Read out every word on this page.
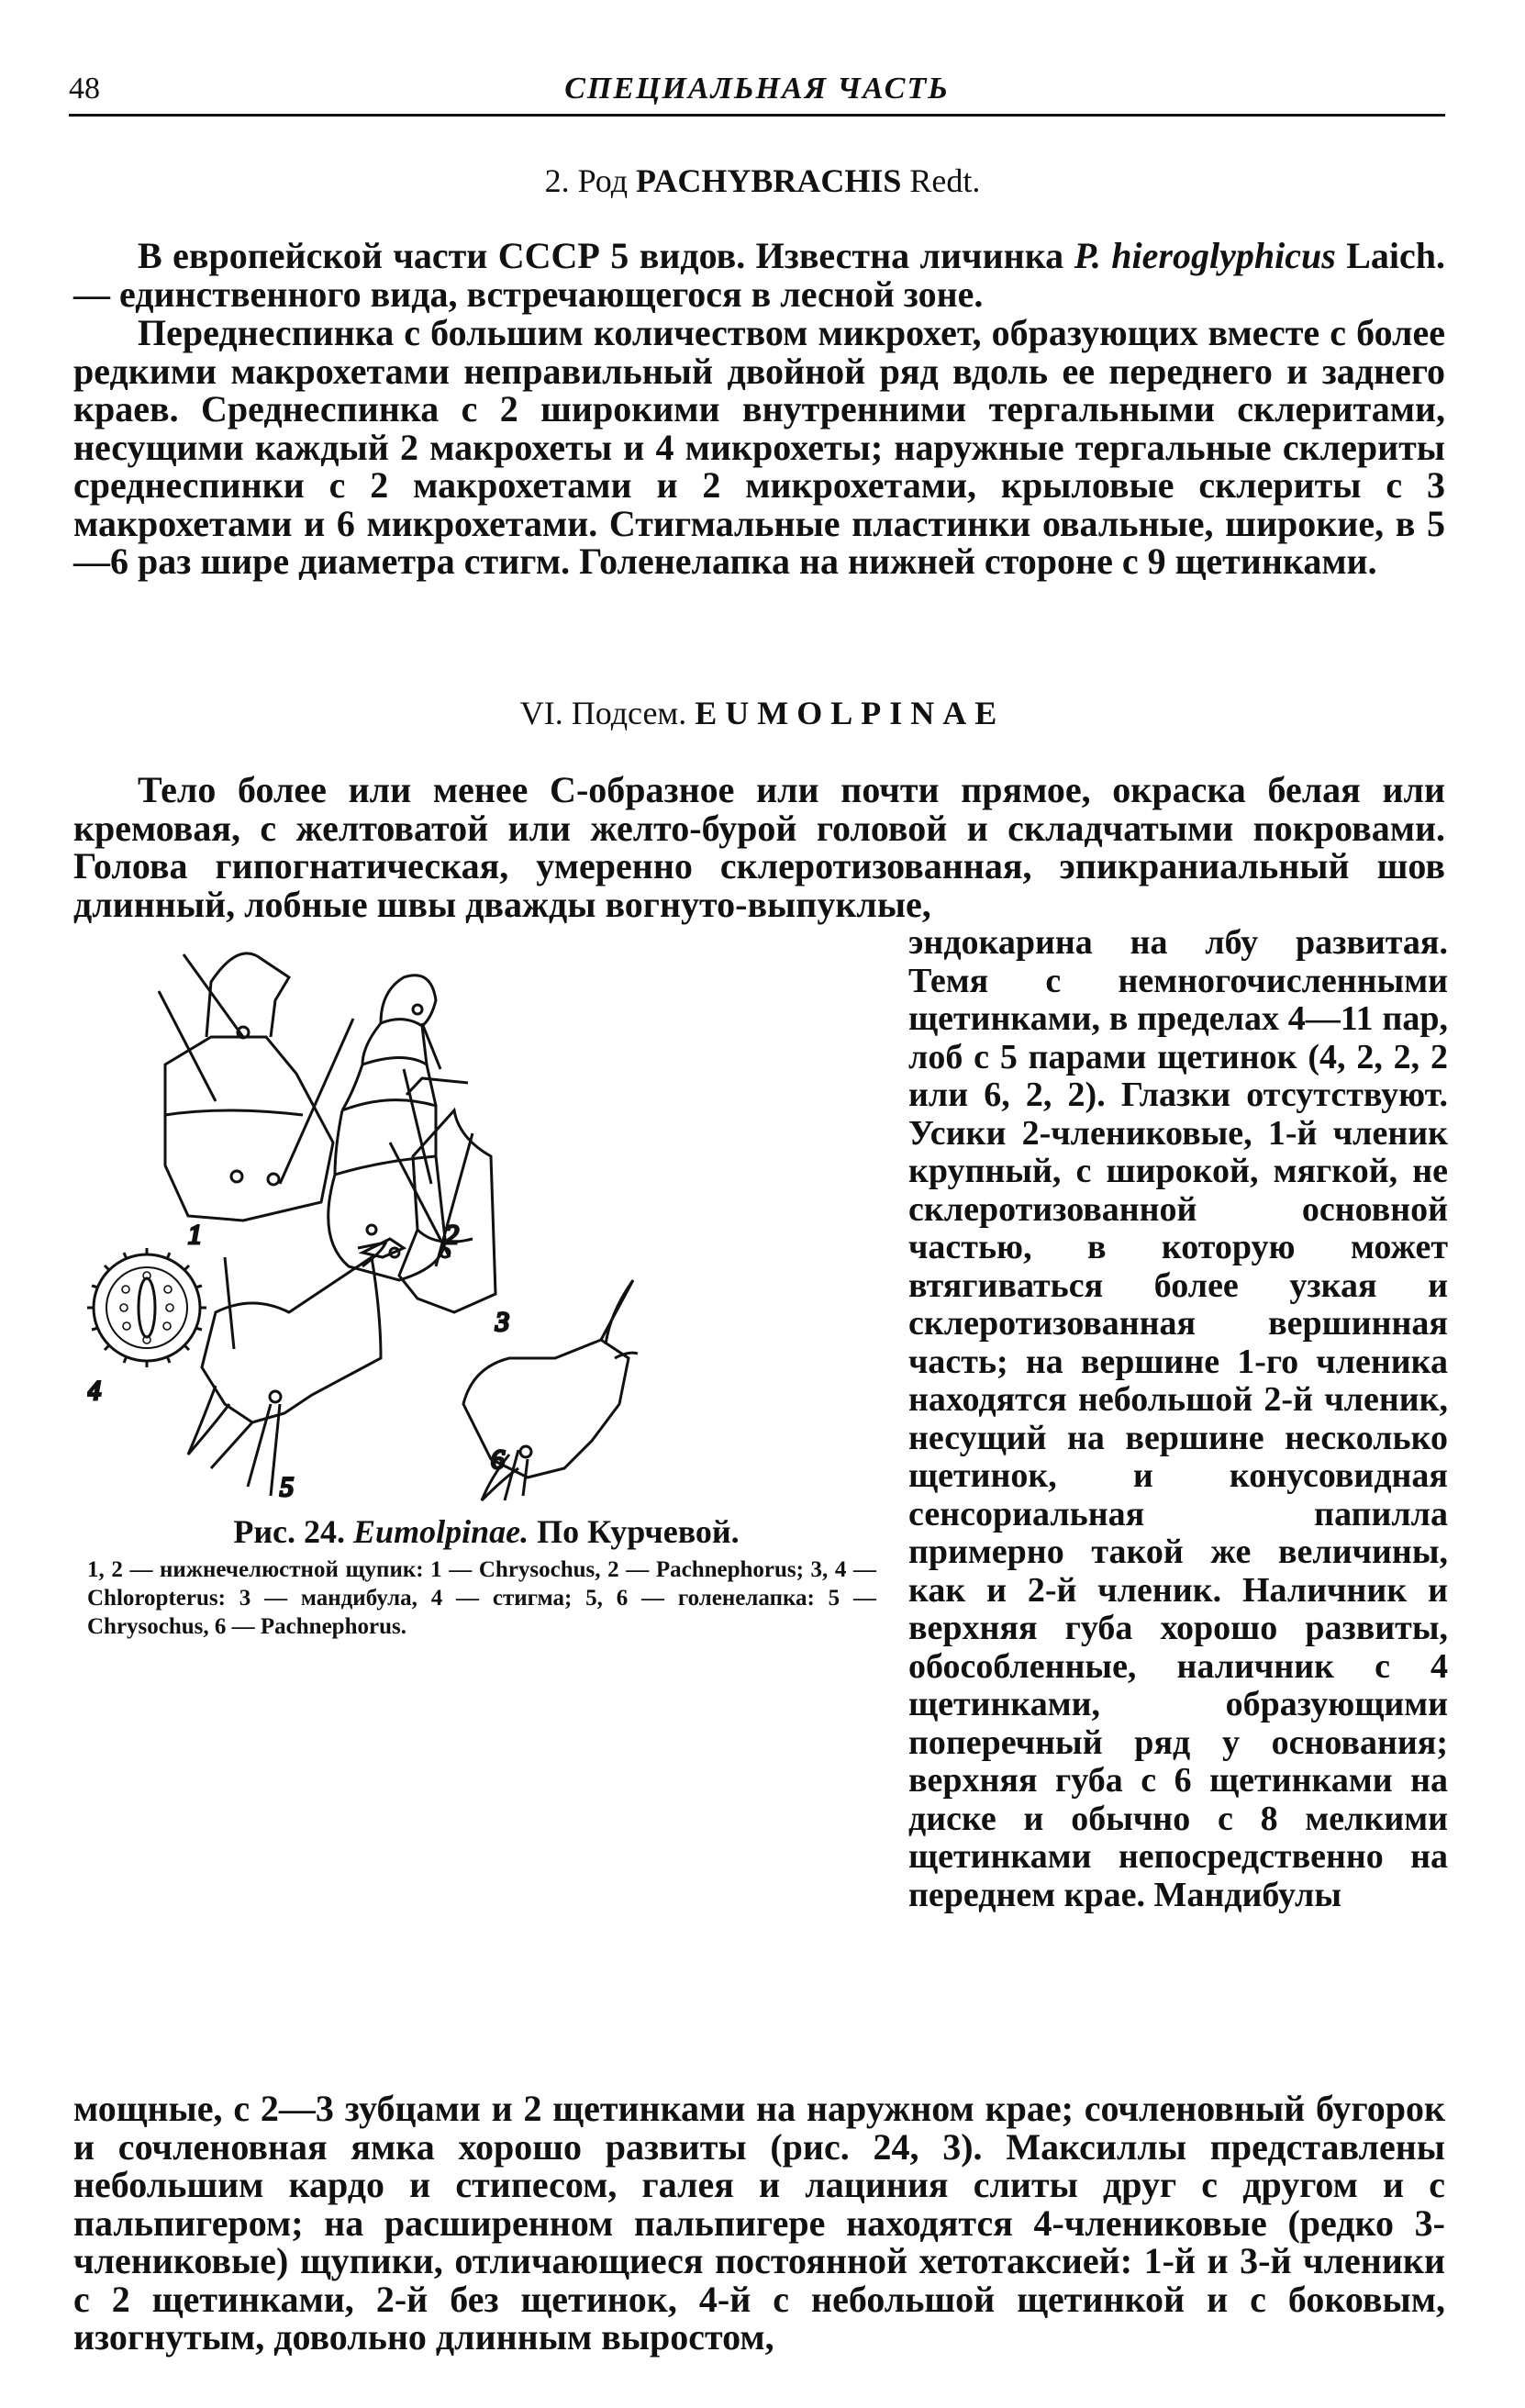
48	СПЕЦИАЛЬНАЯ ЧАСТЬ
2. Род PACHYBRACHIS Redt.

В европейской части СССР 5 видов. Известна личинка P. hieroglyphicus Laich. — единственного вида, встречающегося в лесной зоне.

Переднеспинка с большим количеством микрохет, образующих вместе с более редкими макрохетами неправильный двойной ряд вдоль ее переднего и заднего краев. Среднеспинка с 2 широкими внутренними тергальными склеритами, несущими каждый 2 макрохеты и 4 микрохеты; наружные тергальные склериты среднеспинки с 2 макрохетами и 2 микрохетами, крыловые склериты с 3 макрохетами и 6 микрохетами. Стигмальные пластинки овальные, широкие, в 5—6 раз шире диаметра стигм. Голенелапка на нижней стороне с 9 щетинками.

VI. Подсем. EUMOLPINAE

Тело более или менее С-образное или почти прямое, окраска белая или кремовая, с желтоватой или желто-бурой головой и складчатыми покровами. Голова гипогнатическая, умеренно склеротизованная, эпикраниальный шов длинный, лобные швы дважды вогнуто-выпуклые,

эндокарина на лбу развитая. Темя с немногочисленными щетинками, в пределах 4—11 пар, лоб с 5 парами щетинок (4, 2, 2, 2 или 6, 2, 2). Глазки отсутствуют. Усики 2-члениковые, 1-й членик крупный, с широкой, мягкой, не склеротизованной основной частью, в которую может втягиваться более узкая и склеротизованная вершинная часть; на вершине 1-го членика находятся небольшой 2-й членик, несущий на вершине несколько щетинок, и конусовидная сенсориальная папилла примерно такой же величины, как и 2-й членик. Наличник и верхняя губа хорошо развиты, обособленные, наличник с 4 щетинками, образующими поперечный ряд у основания; верхняя губа с 6 щетинками на диске и обычно с 8 мелкими щетинками непосредственно на переднем крае. Мандибулы

1	2
3
4
5
6
Рис. 24. Eumolpinae. По Курчевой.

1, 2 — нижнечелюстной щупик: 1 — Chrysochus, 2 — Pachnephorus; 3, 4 — Chloropterus: 3 — мандибула, 4 — стигма; 5, 6 — голенелапка: 5 — Chrysochus, 6 — Pachnephorus.

мощные, с 2—3 зубцами и 2 щетинками на наружном крае; сочленовный бугорок и сочленовная ямка хорошо развиты (рис. 24, 3). Максиллы представлены небольшим кардо и стипесом, галея и лациния слиты друг с другом и с пальпигером; на расширенном пальпигере находятся 4-члениковые (редко 3-члениковые) щупики, отличающиеся постоянной хетотаксией: 1-й и 3-й членики с 2 щетинками, 2-й без щетинок, 4-й с небольшой щетинкой и с боковым, изогнутым, довольно длинным выростом,
